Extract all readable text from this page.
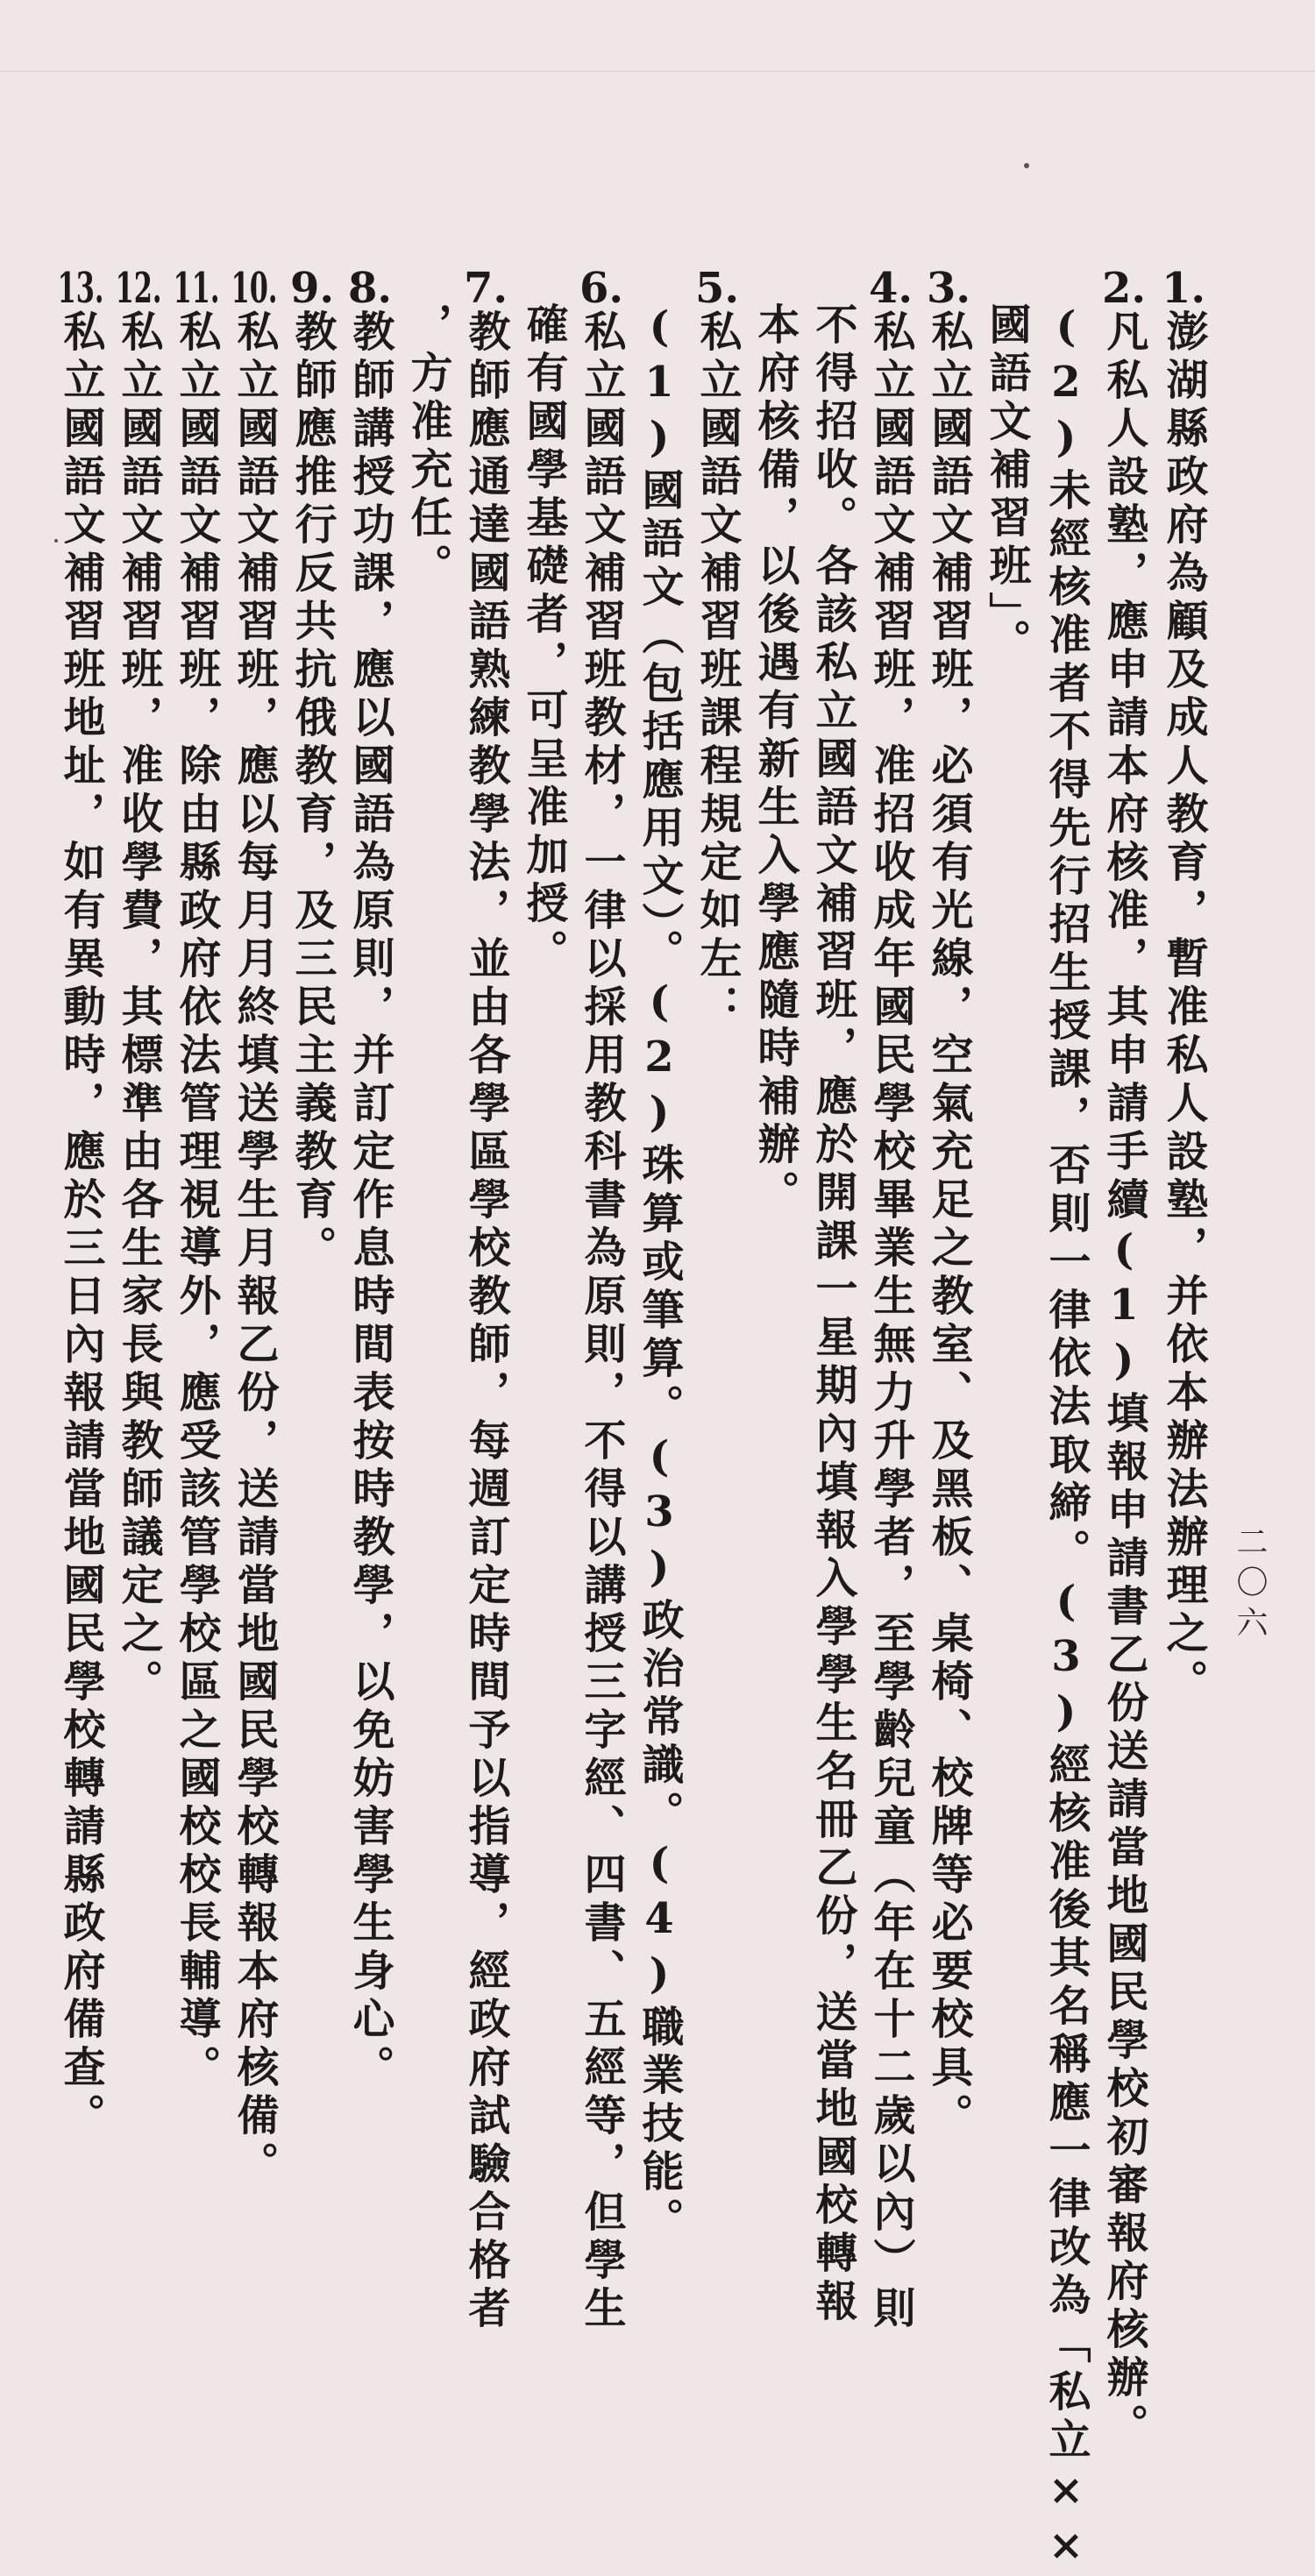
1.澎湖縣政府為顧及成人教育，暫准私人設塾，并依本辦法辦理之。
2.凡私人設塾，應申請本府核准，其申請手續(1)填報申請書乙份送請當地國民學校初審報府核辦。
(2)未經核准者不得先行招生授課，否則一律依法取締。(3)經核准後其名稱應一律改為「私立××
國語文補習班」。
3.私立國語文補習班，必須有光線，空氣充足之教室、及黑板、桌椅、校牌等必要校具。
4.私立國語文補習班，准招收成年國民學校畢業生無力升學者，至學齡兒童（年在十二歲以內）則
不得招收。各該私立國語文補習班，應於開課一星期內填報入學學生名冊乙份，送當地國校轉報
本府核備，以後遇有新生入學應隨時補辦。
5.私立國語文補習班課程規定如左：
(1)國語文（包括應用文）。(2)珠算或筆算。(3)政治常識。(4)職業技能。
6.私立國語文補習班教材，一律以採用教科書為原則，不得以講授三字經、四書、五經等，但學生
確有國學基礎者，可呈准加授。
7.教師應通達國語熟練教學法，並由各學區學校教師，每週訂定時間予以指導，經政府試驗合格者
，方准充任。
8.教師講授功課，應以國語為原則，并訂定作息時間表按時教學，以免妨害學生身心。
9.教師應推行反共抗俄教育，及三民主義教育。
10.私立國語文補習班，應以每月月終填送學生月報乙份，送請當地國民學校轉報本府核備。
11.私立國語文補習班，除由縣政府依法管理視導外，應受該管學校區之國校校長輔導。
12.私立國語文補習班，准收學費，其標準由各生家長與教師議定之。
13.私立國語文補習班地址，如有異動時，應於三日內報請當地國民學校轉請縣政府備查。	二〇六
